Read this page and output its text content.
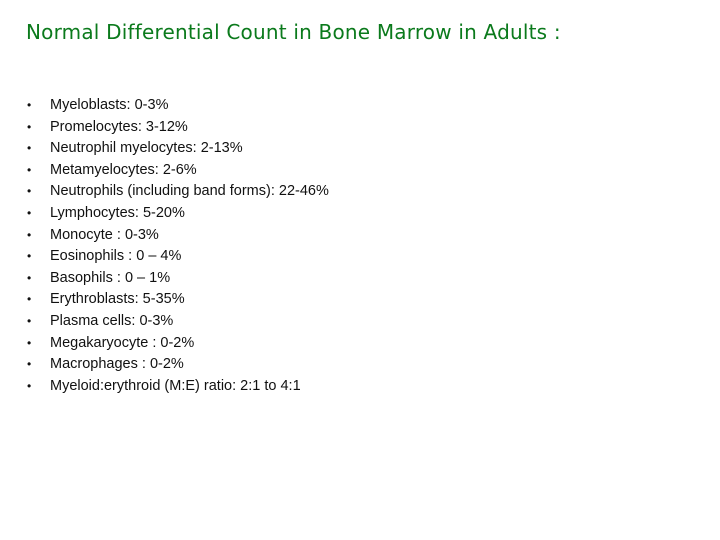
Normal Differential Count in Bone Marrow in Adults :
•	Myeloblasts: 0-3%
•	Promelocytes: 3-12%
•	Neutrophil myelocytes: 2-13%
•	Metamyelocytes: 2-6%
•	Neutrophils (including band forms): 22-46%
•	Lymphocytes: 5-20%
•	Monocyte : 0-3%
•	Eosinophils : 0 – 4%
•	Basophils : 0 – 1%
•	Erythroblasts: 5-35%
•	Plasma cells: 0-3%
•	Megakaryocyte : 0-2%
•	Macrophages : 0-2%
•	Myeloid:erythroid (M:E) ratio: 2:1 to 4:1
